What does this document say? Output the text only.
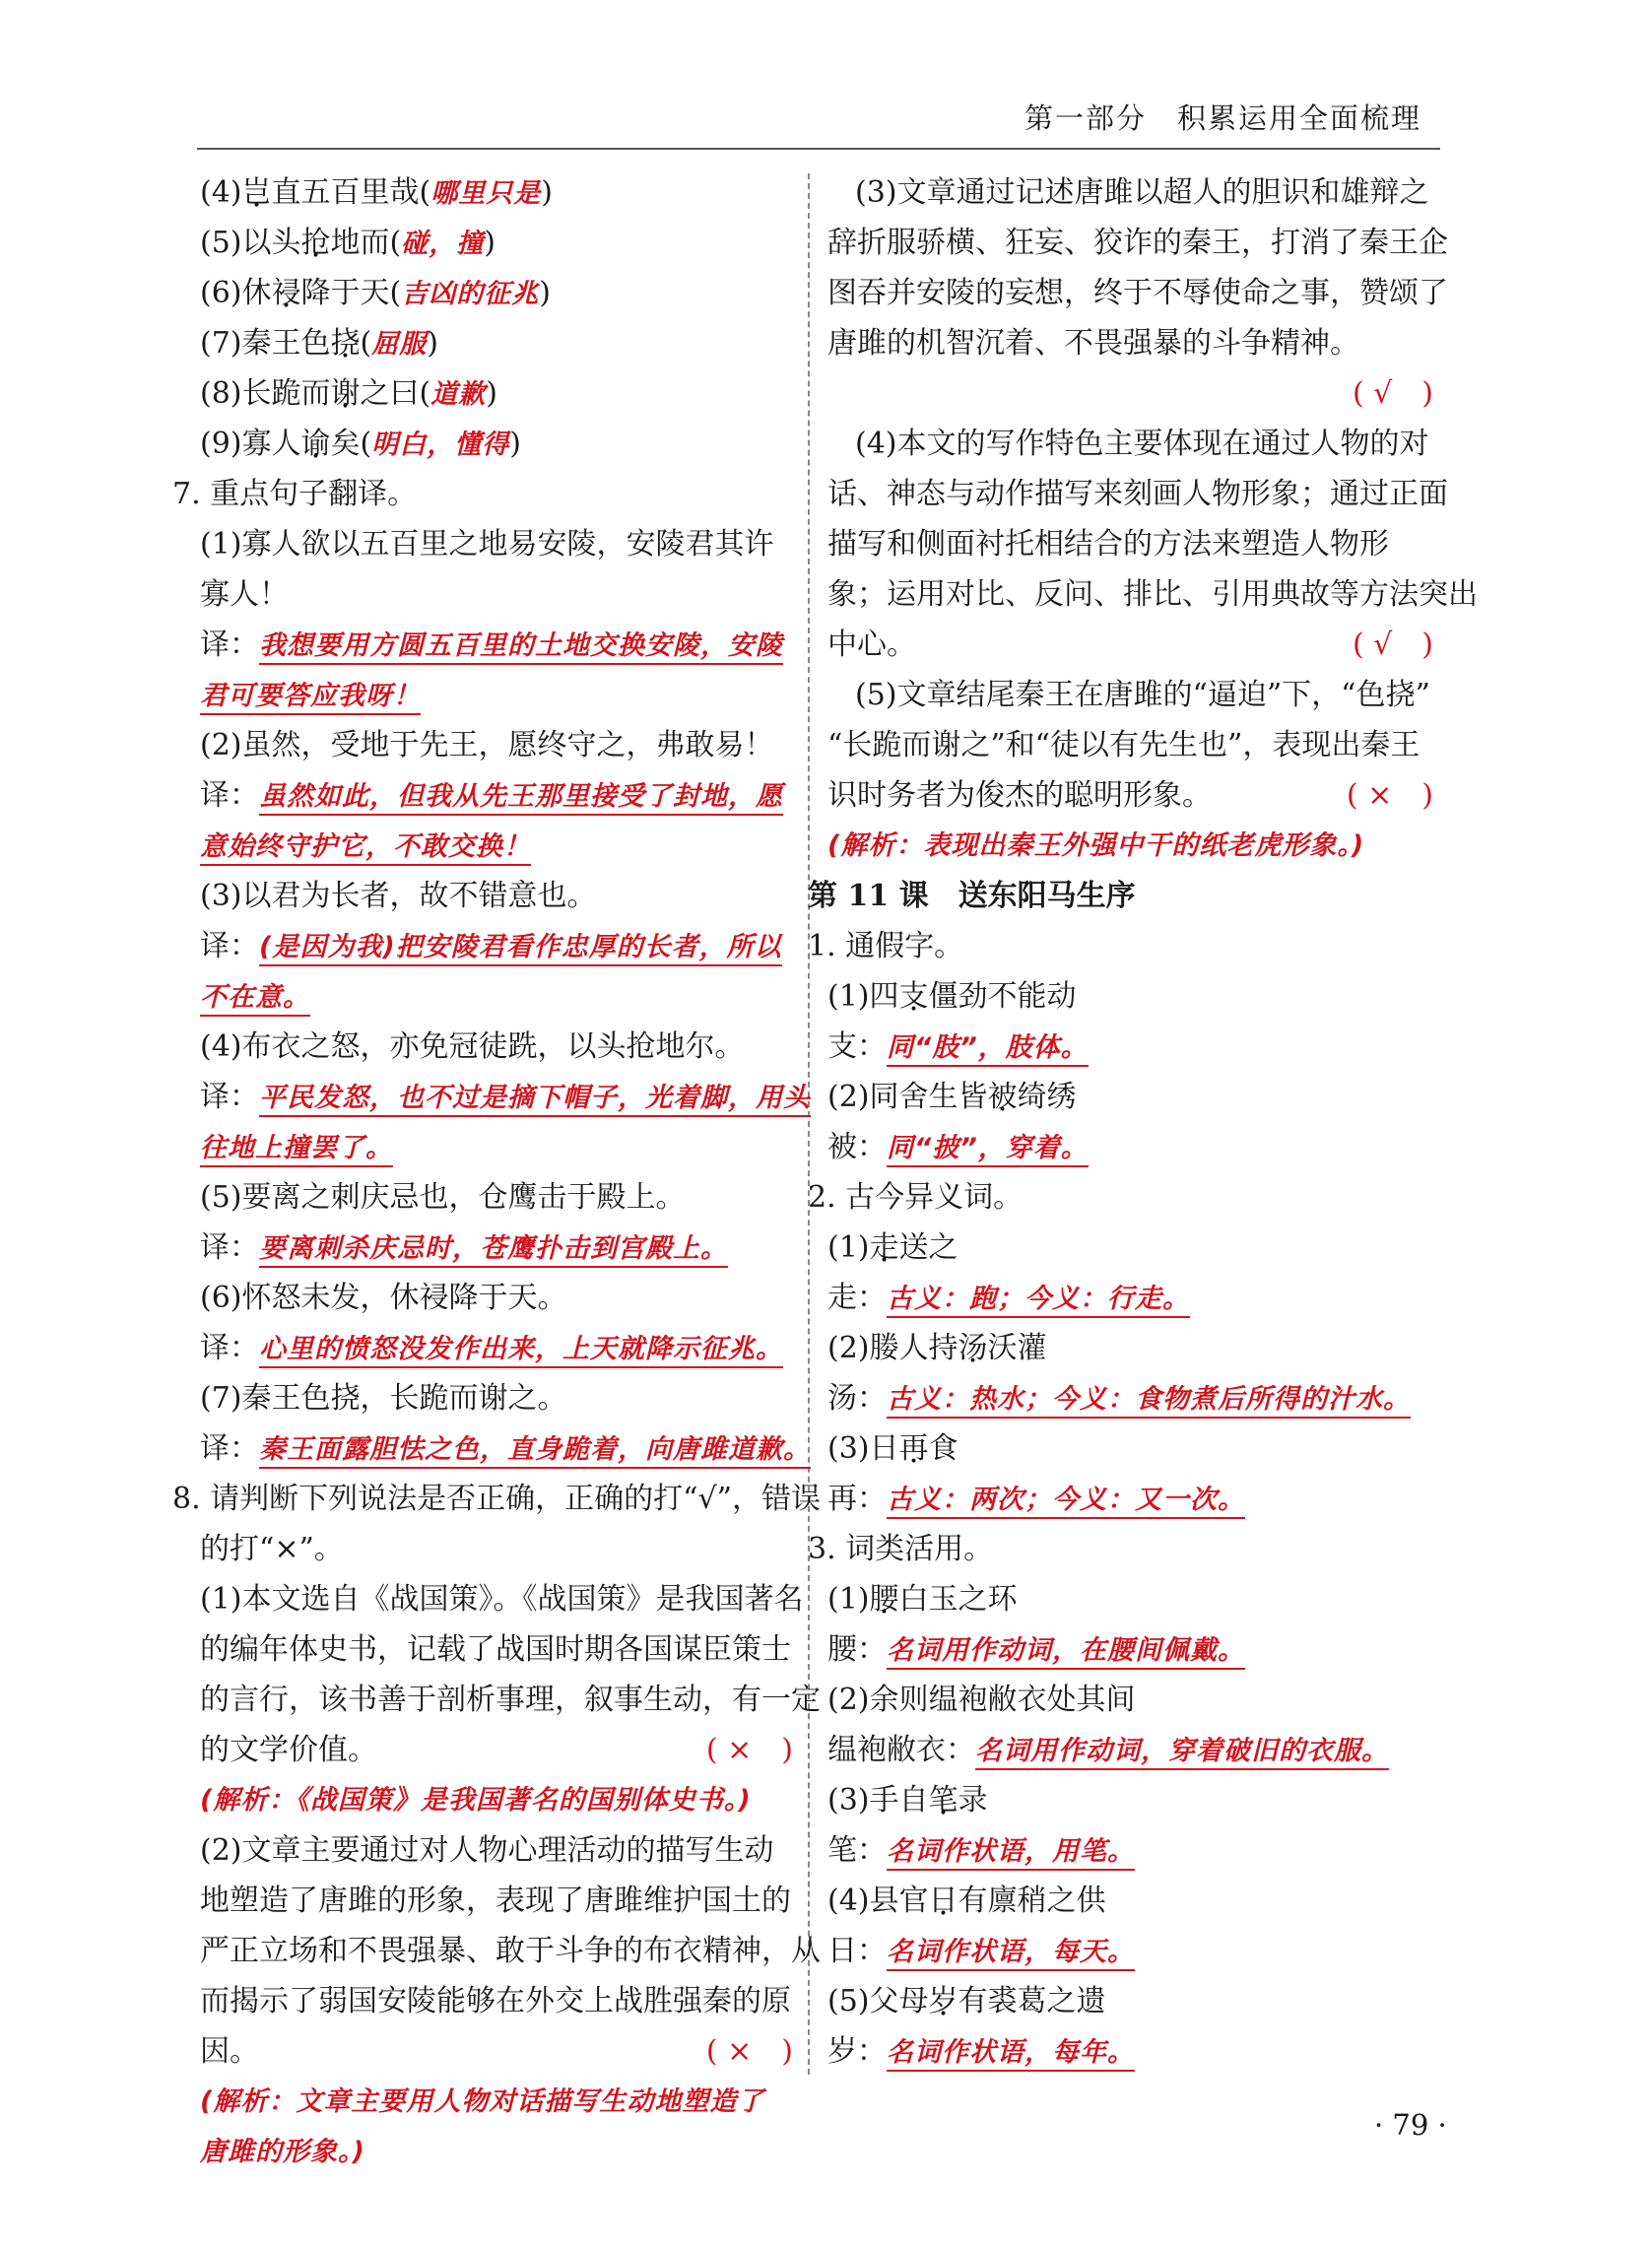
第一部分　积累运用全面梳理
(4)岂直五百里哉(哪里只是)
(5)以头抢地而(碰，撞)
(6)休祲降于天(吉凶的征兆)
(7)秦王色挠(屈服)
(8)长跪而谢之曰(道歉)
(9)寡人谕矣(明白，懂得)
7. 重点句子翻译。
(1)寡人欲以五百里之地易安陵，安陵君其许
寡人！
译：我想要用方圆五百里的土地交换安陵，安陵
君可要答应我呀！
(2)虽然，受地于先王，愿终守之，弗敢易！
译：虽然如此，但我从先王那里接受了封地，愿
意始终守护它，不敢交换！
(3)以君为长者，故不错意也。
译：(是因为我)把安陵君看作忠厚的长者，所以
不在意。
(4)布衣之怒，亦免冠徒跣，以头抢地尔。
译：平民发怒，也不过是摘下帽子，光着脚，用头
往地上撞罢了。
(5)要离之刺庆忌也，仓鹰击于殿上。
译：要离刺杀庆忌时，苍鹰扑击到宫殿上。
(6)怀怒未发，休祲降于天。
译：心里的愤怒没发作出来，上天就降示征兆。
(7)秦王色挠，长跪而谢之。
译：秦王面露胆怯之色，直身跪着，向唐雎道歉。
8. 请判断下列说法是否正确，正确的打“√”，错误
的打“×”。
(1)本文选自《战国策》。《战国策》是我国著名
的编年体史书，记载了战国时期各国谋臣策士
的言行，该书善于剖析事理，叙事生动，有一定
的文学价值。	( ×　)
(解析：《战国策》是我国著名的国别体史书。)
(2)文章主要通过对人物心理活动的描写生动
地塑造了唐雎的形象，表现了唐雎维护国土的
严正立场和不畏强暴、敢于斗争的布衣精神，从
而揭示了弱国安陵能够在外交上战胜强秦的原
因。	( ×　)
(解析：文章主要用人物对话描写生动地塑造了
唐雎的形象。)
(3)文章通过记述唐雎以超人的胆识和雄辩之
辞折服骄横、狂妄、狡诈的秦王，打消了秦王企
图吞并安陵的妄想，终于不辱使命之事，赞颂了
唐雎的机智沉着、不畏强暴的斗争精神。
( √　)
(4)本文的写作特色主要体现在通过人物的对
话、神态与动作描写来刻画人物形象；通过正面
描写和侧面衬托相结合的方法来塑造人物形
象；运用对比、反问、排比、引用典故等方法突出
中心。	( √　)
(5)文章结尾秦王在唐雎的“逼迫”下，“色挠”
“长跪而谢之”和“徒以有先生也”，表现出秦王
识时务者为俊杰的聪明形象。	( ×　)
(解析：表现出秦王外强中干的纸老虎形象。)
第 11 课　送东阳马生序
1. 通假字。
(1)四支僵劲不能动
支：同“肢”，肢体。
(2)同舍生皆被绮绣
被：同“披”，穿着。
2. 古今异义词。
(1)走送之
走：古义：跑；今义：行走。
(2)媵人持汤沃灌
汤：古义：热水；今义：食物煮后所得的汁水。
(3)日再食
再：古义：两次；今义：又一次。
3. 词类活用。
(1)腰白玉之环
腰：名词用作动词，在腰间佩戴。
(2)余则缊袍敝衣处其间
缊袍敝衣：名词用作动词，穿着破旧的衣服。
(3)手自笔录
笔：名词作状语，用笔。
(4)县官日有廪稍之供
日：名词作状语，每天。
(5)父母岁有裘葛之遗
岁：名词作状语，每年。
· 79 ·
